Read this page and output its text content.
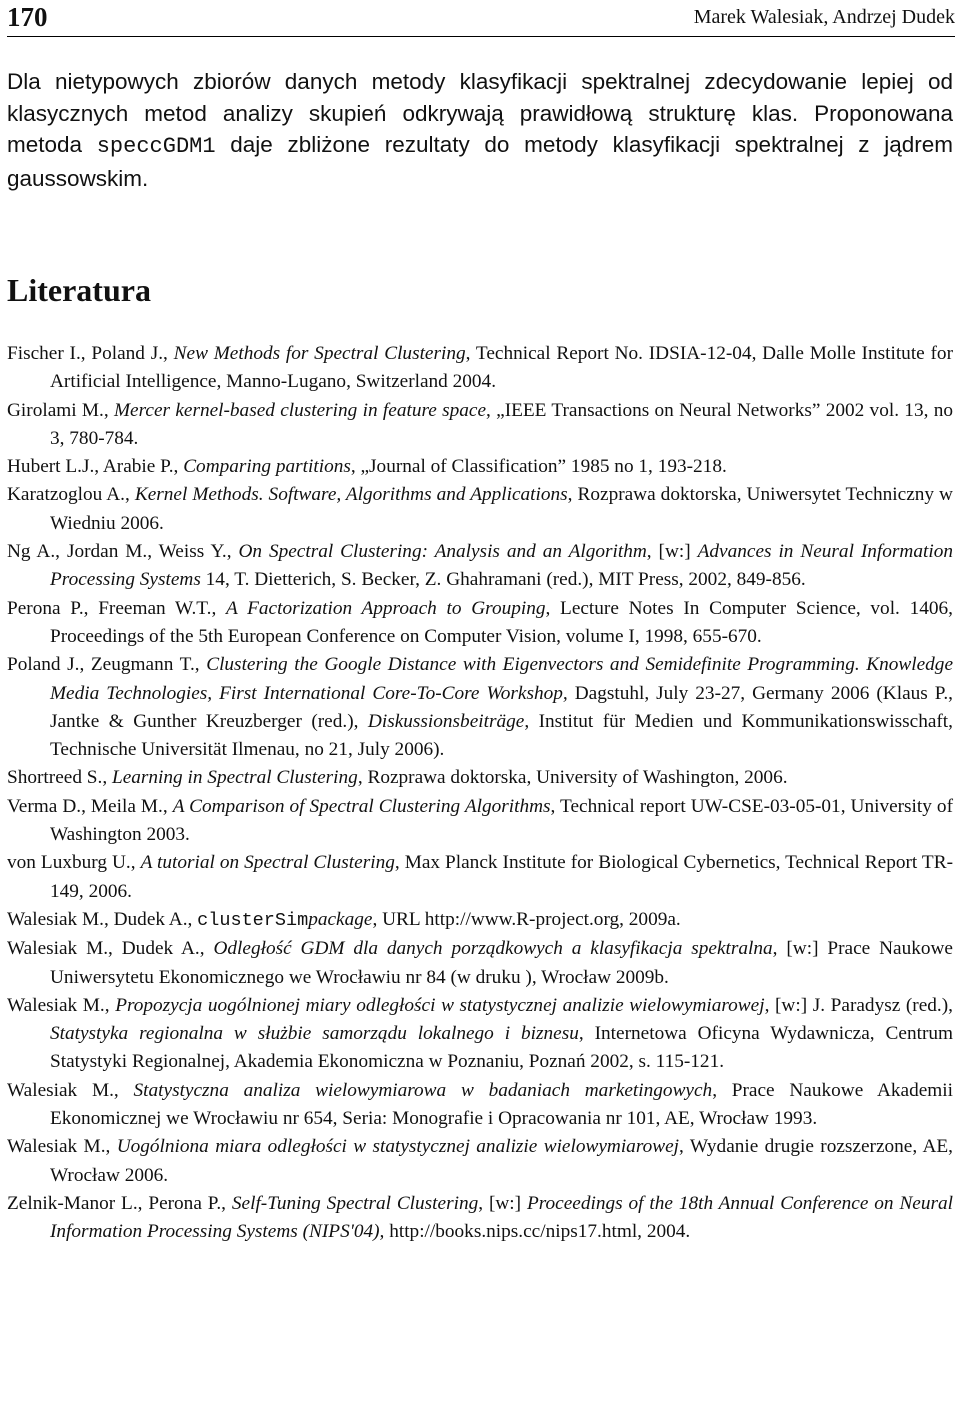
170	Marek Walesiak, Andrzej Dudek

Dla nietypowych zbiorów danych metody klasyfikacji spektralnej zdecydowanie lepiej od klasycznych metod analizy skupień odkrywają prawidłową strukturę klas. Proponowana metoda speccGDM1 daje zbliżone rezultaty do metody klasyfikacji spektralnej z jądrem gaussowskim.

Literatura

Fischer I., Poland J., New Methods for Spectral Clustering, Technical Report No. IDSIA-12-04, Dalle Molle Institute for Artificial Intelligence, Manno-Lugano, Switzerland 2004.

Girolami M., Mercer kernel-based clustering in feature space, „IEEE Transactions on Neural Networks” 2002 vol. 13, no 3, 780-784.

Hubert L.J., Arabie P., Comparing partitions, „Journal of Classification” 1985 no 1, 193-218.

Karatzoglou A., Kernel Methods. Software, Algorithms and Applications, Rozprawa doktorska, Uniwersytet Techniczny w Wiedniu 2006.

Ng A., Jordan M., Weiss Y., On Spectral Clustering: Analysis and an Algorithm, [w:] Advances in Neural Information Processing Systems 14, T. Dietterich, S. Becker, Z. Ghahramani (red.), MIT Press, 2002, 849-856.

Perona P., Freeman W.T., A Factorization Approach to Grouping, Lecture Notes In Computer Science, vol. 1406, Proceedings of the 5th European Conference on Computer Vision, volume I, 1998, 655-670.

Poland J., Zeugmann T., Clustering the Google Distance with Eigenvectors and Semidefinite Programming. Knowledge Media Technologies, First International Core-To-Core Workshop, Dagstuhl, July 23-27, Germany 2006 (Klaus P., Jantke & Gunther Kreuzberger (red.), Diskussionsbeiträge, Institut für Medien und Kommunikationswisschaft, Technische Universität Ilmenau, no 21, July 2006).

Shortreed S., Learning in Spectral Clustering, Rozprawa doktorska, University of Washington, 2006.

Verma D., Meila M., A Comparison of Spectral Clustering Algorithms, Technical report UW-CSE-03-05-01, University of Washington 2003.

von Luxburg U., A tutorial on Spectral Clustering, Max Planck Institute for Biological Cybernetics, Technical Report TR-149, 2006.

Walesiak M., Dudek A., clusterSimpackage, URL http://www.R-project.org, 2009a.

Walesiak M., Dudek A., Odległość GDM dla danych porządkowych a klasyfikacja spektralna, [w:] Prace Naukowe Uniwersytetu Ekonomicznego we Wrocławiu nr 84 (w druku ), Wrocław 2009b.

Walesiak M., Propozycja uogólnionej miary odległości w statystycznej analizie wielowymiarowej, [w:] J. Paradysz (red.), Statystyka regionalna w służbie samorządu lokalnego i biznesu, Internetowa Oficyna Wydawnicza, Centrum Statystyki Regionalnej, Akademia Ekonomiczna w Poznaniu, Poznań 2002, s. 115-121.

Walesiak M., Statystyczna analiza wielowymiarowa w badaniach marketingowych, Prace Naukowe Akademii Ekonomicznej we Wrocławiu nr 654, Seria: Monografie i Opracowania nr 101, AE, Wrocław 1993.

Walesiak M., Uogólniona miara odległości w statystycznej analizie wielowymiarowej, Wydanie drugie rozszerzone, AE, Wrocław 2006.

Zelnik-Manor L., Perona P., Self-Tuning Spectral Clustering, [w:] Proceedings of the 18th Annual Conference on Neural Information Processing Systems (NIPS'04), http://books.nips.cc/nips17.html, 2004.
